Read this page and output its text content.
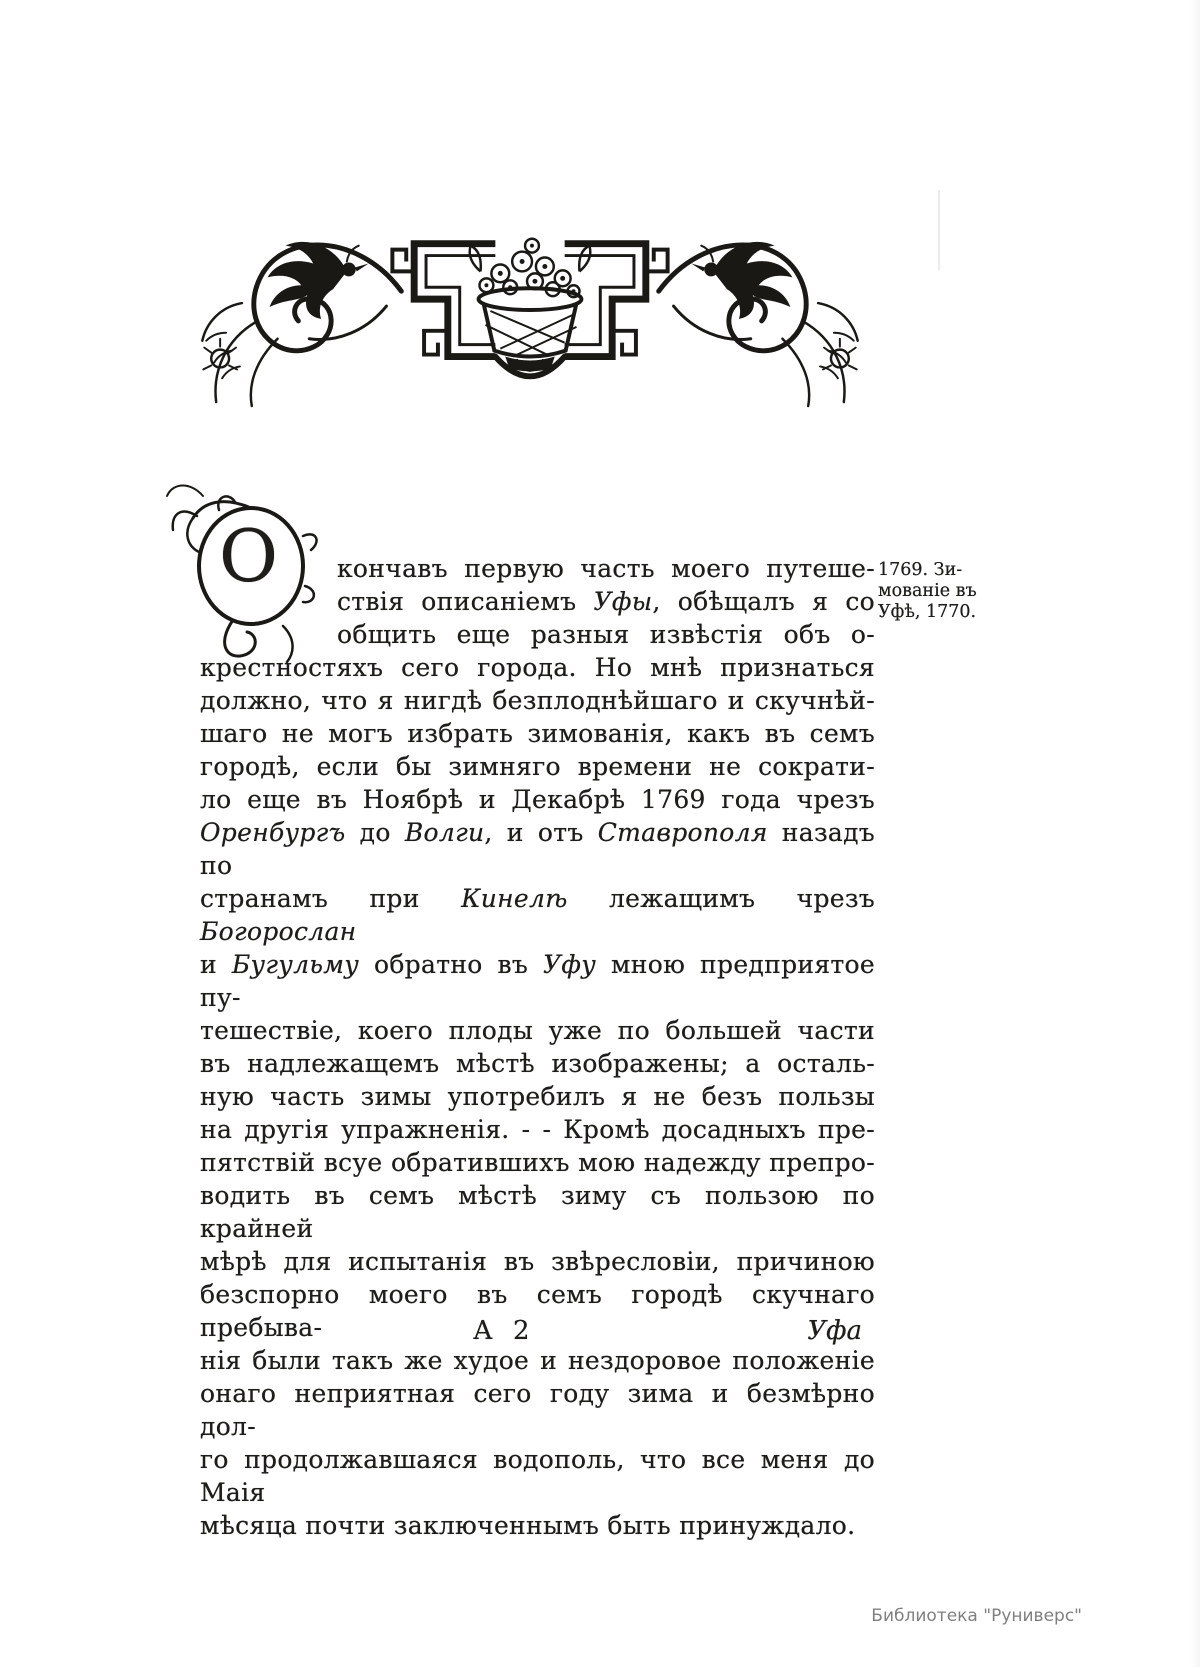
О кончавъ первую часть моего путеше-
ствія описаніемъ Уфы, обѣщалъ я со
общить еще разныя извѣстія объ о-
крестностяхъ сего города. Но мнѣ признаться
должно, что я нигдѣ безплоднѣйшаго и скучнѣй-
шаго не могъ избрать зимованія, какъ въ семъ
городѣ, если бы зимняго времени не сократи-
ло еще въ Ноябрѣ и Декабрѣ 1769 года чрезъ
Оренбургъ до Волги, и отъ Ставрополя назадъ по
странамъ при Кинелѣ лежащимъ чрезъ Богорослан
и Бугульму обратно въ Уфу мною предприятое пу-
тешествіе, коего плоды уже по большей части
въ надлежащемъ мѣстѣ изображены; а осталь-
ную часть зимы употребилъ я не безъ пользы
на другія упражненія. - - Кромѣ досадныхъ пре-
пятствій всуе обратившихъ мою надежду препро-
водить въ семъ мѣстѣ зиму съ пользою по крайней
мѣрѣ для испытанія въ звѣресловіи, причиною
безспорно моего въ семъ городѣ скучнаго пребыва-
нія были такъ же худое и нездоровое положеніе
онаго неприятная сего году зима и безмѣрно дол-
го продолжавшаяся водополь, что все меня до Маія
мѣсяца почти заключеннымъ быть принуждало.
1769. Зи-
мованіе въ
Уфѣ, 1770.
А 2	Уфа
Библиотека "Руниверс"
